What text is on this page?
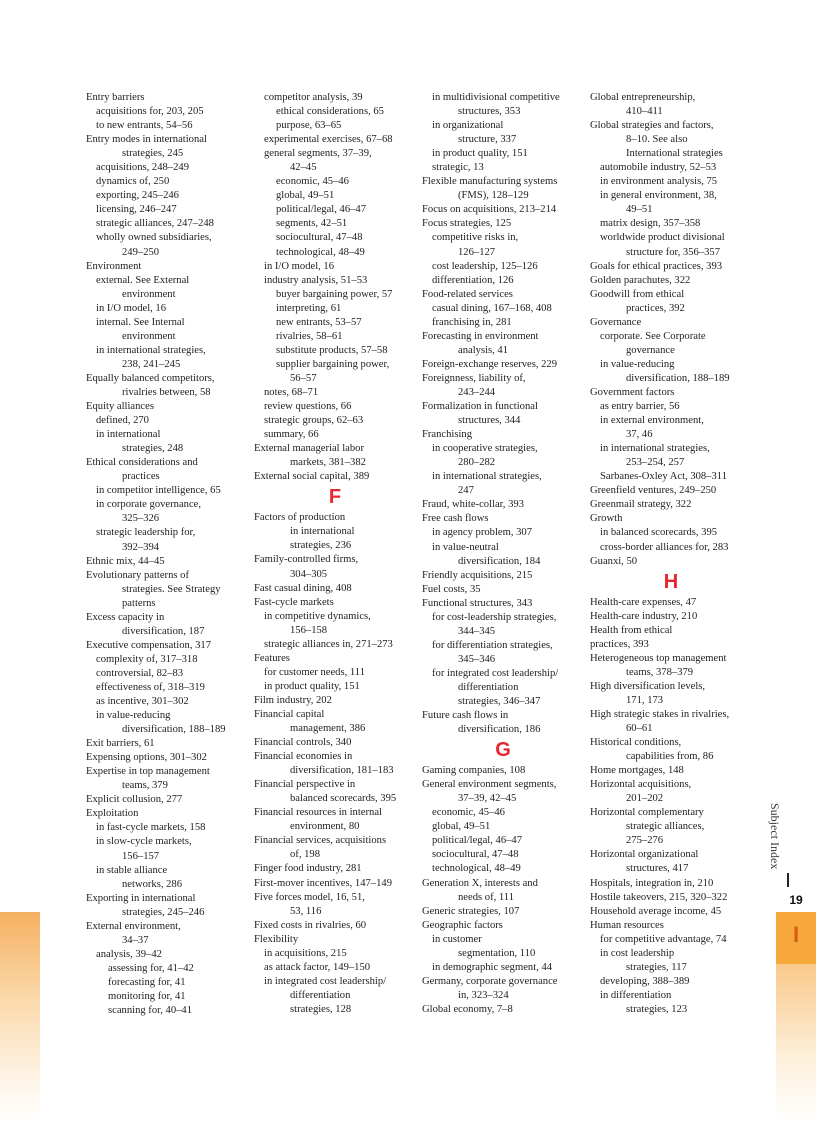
Entry barriers
acquisitions for, 203, 205
to new entrants, 54–56
Entry modes in international
strategies, 245
acquisitions, 248–249
dynamics of, 250
exporting, 245–246
licensing, 246–247
strategic alliances, 247–248
wholly owned subsidiaries,
249–250
Environment
external. See External
environment
in I/O model, 16
internal. See Internal
environment
in international strategies,
238, 241–245
Equally balanced competitors,
rivalries between, 58
Equity alliances
defined, 270
in international
strategies, 248
Ethical considerations and
practices
in competitor intelligence, 65
in corporate governance,
325–326
strategic leadership for,
392–394
Ethnic mix, 44–45
Evolutionary patterns of
strategies. See Strategy
patterns
Excess capacity in
diversification, 187
Executive compensation, 317
complexity of, 317–318
controversial, 82–83
effectiveness of, 318–319
as incentive, 301–302
in value-reducing
diversification, 188–189
Exit barriers, 61
Expensing options, 301–302
Expertise in top management
teams, 379
Explicit collusion, 277
Exploitation
in fast-cycle markets, 158
in slow-cycle markets,
156–157
in stable alliance
networks, 286
Exporting in international
strategies, 245–246
External environment,
34–37
analysis, 39–42
assessing for, 41–42
forecasting for, 41
monitoring for, 41
scanning for, 40–41
competitor analysis, 39
ethical considerations, 65
purpose, 63–65
experimental exercises, 67–68
general segments, 37–39,
42–45
economic, 45–46
global, 49–51
political/legal, 46–47
segments, 42–51
sociocultural, 47–48
technological, 48–49
in I/O model, 16
industry analysis, 51–53
buyer bargaining power, 57
interpreting, 61
new entrants, 53–57
rivalries, 58–61
substitute products, 57–58
supplier bargaining power,
56–57
notes, 68–71
review questions, 66
strategic groups, 62–63
summary, 66
External managerial labor
markets, 381–382
External social capital, 389
F
Factors of production
in international
strategies, 236
Family-controlled firms,
304–305
Fast casual dining, 408
Fast-cycle markets
in competitive dynamics,
156–158
strategic alliances in, 271–273
Features
for customer needs, 111
in product quality, 151
Film industry, 202
Financial capital
management, 386
Financial controls, 340
Financial economies in
diversification, 181–183
Financial perspective in
balanced scorecards, 395
Financial resources in internal
environment, 80
Financial services, acquisitions
of, 198
Finger food industry, 281
First-mover incentives, 147–149
Five forces model, 16, 51,
53, 116
Fixed costs in rivalries, 60
Flexibility
in acquisitions, 215
as attack factor, 149–150
in integrated cost leadership/
differentiation
strategies, 128
in multidivisional competitive
structures, 353
in organizational
structure, 337
in product quality, 151
strategic, 13
Flexible manufacturing systems
(FMS), 128–129
Focus on acquisitions, 213–214
Focus strategies, 125
competitive risks in,
126–127
cost leadership, 125–126
differentiation, 126
Food-related services
casual dining, 167–168, 408
franchising in, 281
Forecasting in environment
analysis, 41
Foreign-exchange reserves, 229
Foreignness, liability of,
243–244
Formalization in functional
structures, 344
Franchising
in cooperative strategies,
280–282
in international strategies,
247
Fraud, white-collar, 393
Free cash flows
in agency problem, 307
in value-neutral
diversification, 184
Friendly acquisitions, 215
Fuel costs, 35
Functional structures, 343
for cost-leadership strategies,
344–345
for differentiation strategies,
345–346
for integrated cost leadership/
differentiation
strategies, 346–347
Future cash flows in
diversification, 186
G
Gaming companies, 108
General environment segments,
37–39, 42–45
economic, 45–46
global, 49–51
political/legal, 46–47
sociocultural, 47–48
technological, 48–49
Generation X, interests and
needs of, 111
Generic strategies, 107
Geographic factors
in customer
segmentation, 110
in demographic segment, 44
Germany, corporate governance
in, 323–324
Global economy, 7–8
Global entrepreneurship,
410–411
Global strategies and factors,
8–10. See also
International strategies
automobile industry, 52–53
in environment analysis, 75
in general environment, 38,
49–51
matrix design, 357–358
worldwide product divisional
structure for, 356–357
Goals for ethical practices, 393
Golden parachutes, 322
Goodwill from ethical
practices, 392
Governance
corporate. See Corporate
governance
in value-reducing
diversification, 188–189
Government factors
as entry barrier, 56
in external environment,
37, 46
in international strategies,
253–254, 257
Sarbanes-Oxley Act, 308–311
Greenfield ventures, 249–250
Greenmail strategy, 322
Growth
in balanced scorecards, 395
cross-border alliances for, 283
Guanxi, 50
H
Health-care expenses, 47
Health-care industry, 210
Health from ethical
practices, 393
Heterogeneous top management
teams, 378–379
High diversification levels,
171, 173
High strategic stakes in rivalries,
60–61
Historical conditions,
capabilities from, 86
Home mortgages, 148
Horizontal acquisitions,
201–202
Horizontal complementary
strategic alliances,
275–276
Horizontal organizational
structures, 417
Hospitals, integration in, 210
Hostile takeovers, 215, 320–322
Household average income, 45
Human resources
for competitive advantage, 74
in cost leadership
strategies, 117
developing, 388–389
in differentiation
strategies, 123
Subject Index
19
I
